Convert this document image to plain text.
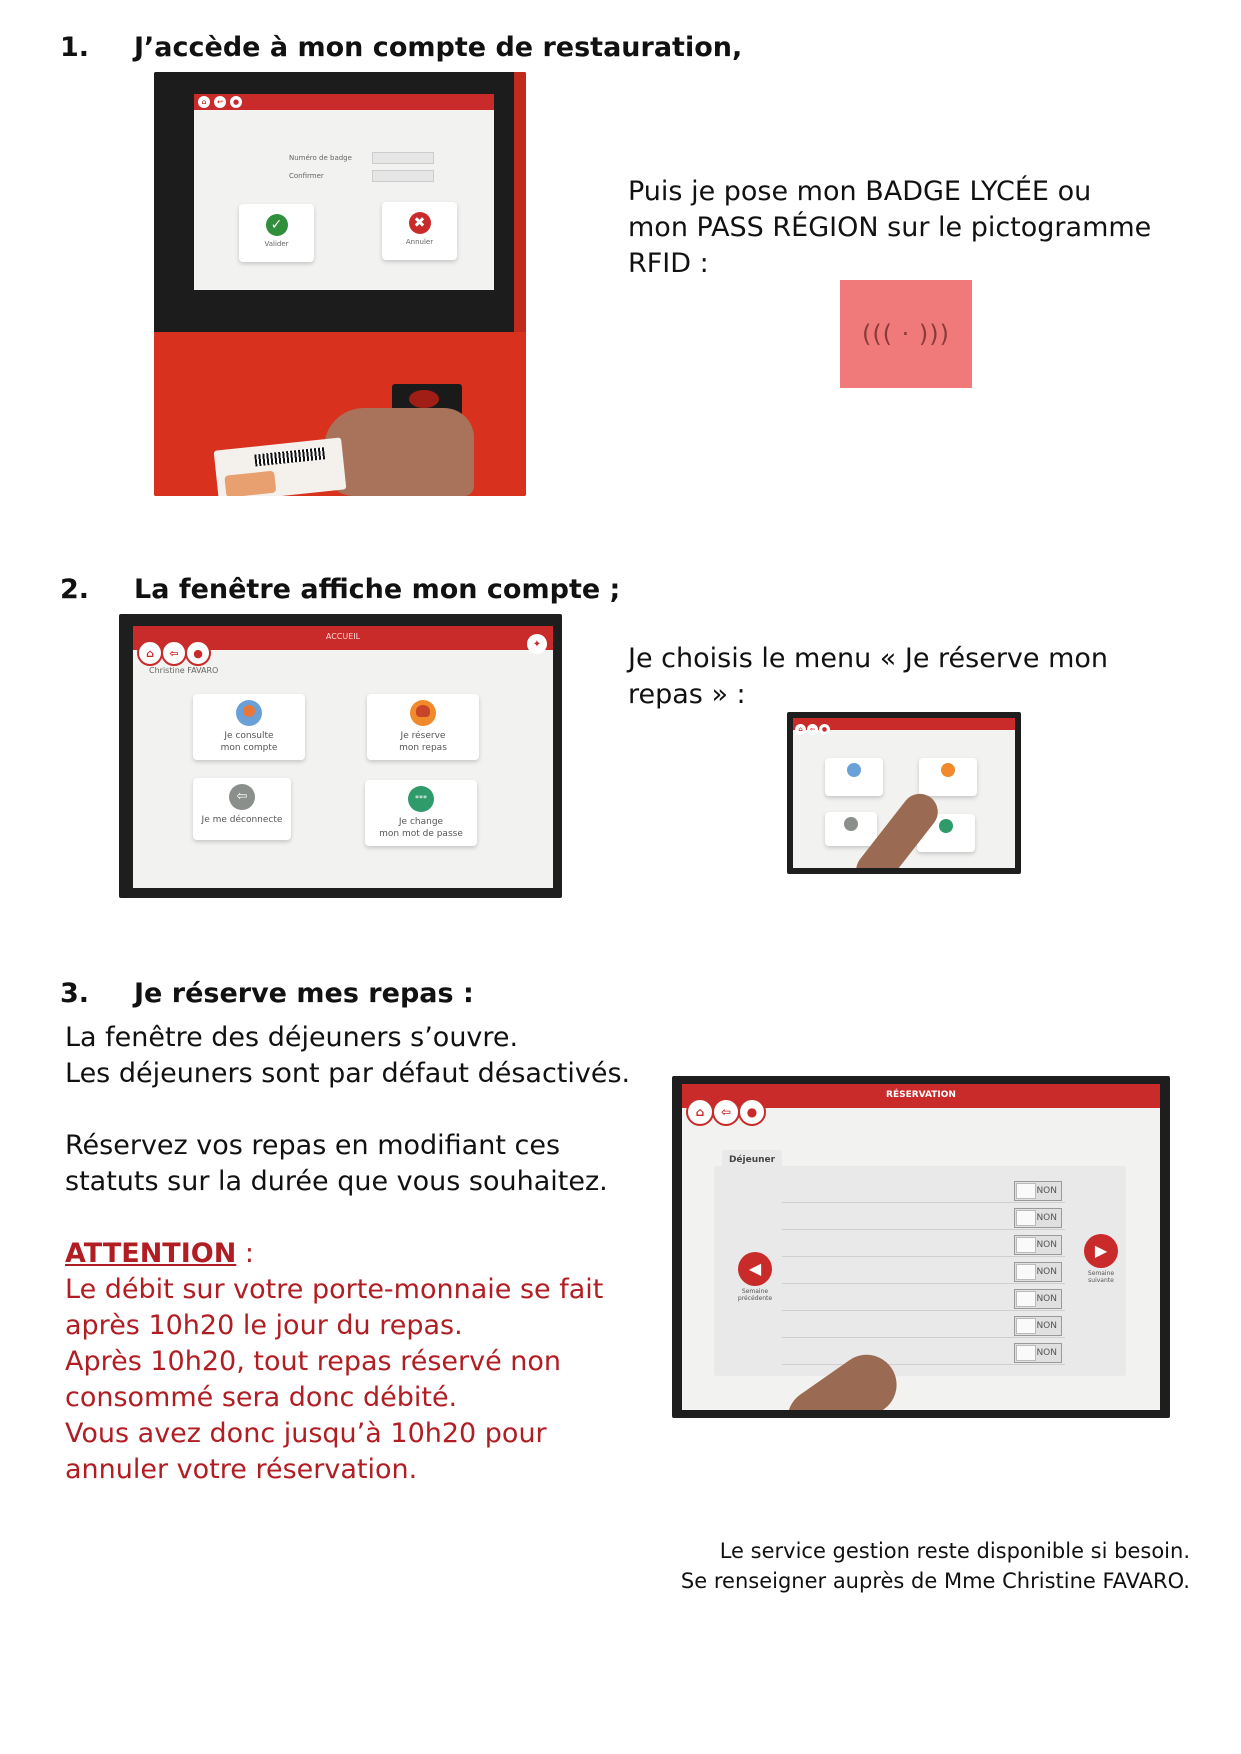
1. J’accède à mon compte de restauration,
⌂	↩	●
Numéro de badge
Confirmer
✓
Valider
✖
Annuler
Puis je pose mon BADGE LYCÉE ou
mon PASS RÉGION sur le pictogramme
RFID :
((( · )))
2. La fenêtre affiche mon compte ;
ACCUEIL
⌂	⇦	●
✦
Christine FAVARO
Je consulte
mon compte
Je réserve
mon repas
⇦
Je me déconnecte
***
Je change
mon mot de passe
Je choisis le menu « Je réserve mon
repas » :
⌂	⇦	●
3. Je réserve mes repas :
La fenêtre des déjeuners s’ouvre.
Les déjeuners sont par défaut désactivés.
Réservez vos repas en modifiant ces
statuts sur la durée que vous souhaitez.
ATTENTION :
Le débit sur votre porte-monnaie se fait
après 10h20 le jour du repas.
Après 10h20, tout repas réservé non
consommé sera donc débité.
Vous avez donc jusqu’à 10h20 pour
annuler votre réservation.
RÉSERVATION
⌂	⇦	●
Déjeuner
NON
NON
NON
NON
NON
NON
NON
◀
Semaine précédente
▶
Semaine suivante
Le service gestion reste disponible si besoin.
Se renseigner auprès de Mme Christine FAVARO.
